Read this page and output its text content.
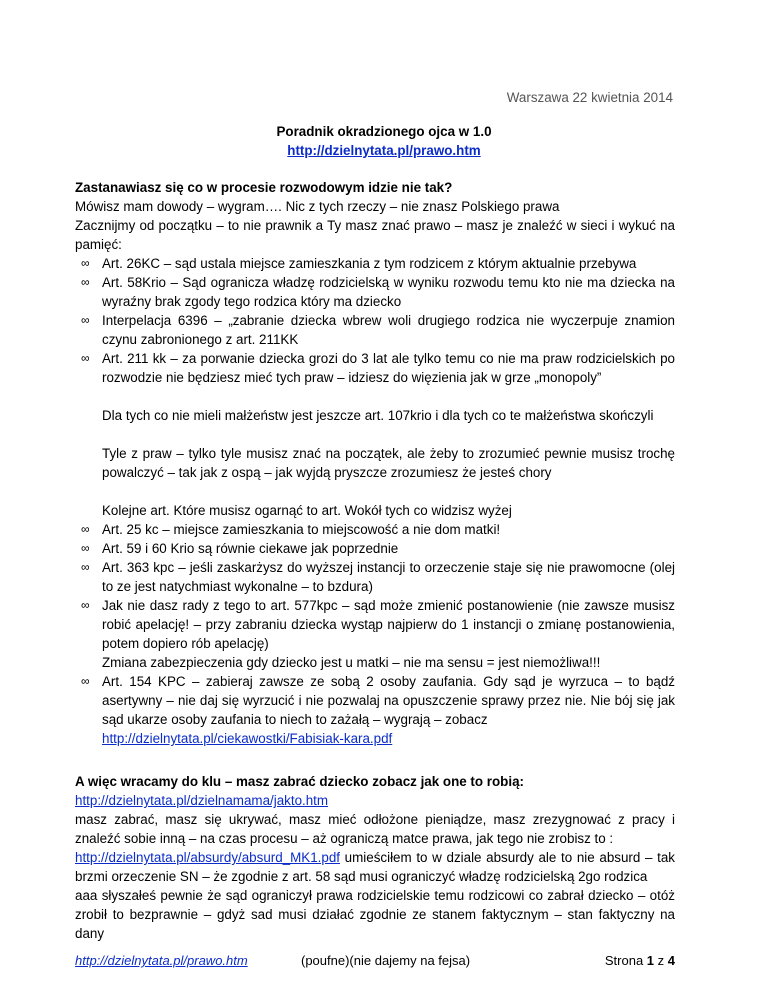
Warszawa 22 kwietnia 2014
Poradnik okradzionego ojca w 1.0
http://dzielnytata.pl/prawo.htm

Zastanawiasz się co w procesie rozwodowym idzie nie tak?

Mówisz mam dowody – wygram…. Nic z tych rzeczy – nie znasz Polskiego prawa

Zacznijmy od początku – to nie prawnik a Ty masz znać prawo – masz je znaleźć w sieci i wykuć na pamięć:

∞ Art. 26KC – sąd ustala miejsce zamieszkania z tym rodzicem z którym aktualnie przebywa
∞ Art. 58Krio – Sąd ogranicza władzę rodzicielską w wyniku rozwodu temu kto nie ma dziecka na wyraźny brak zgody tego rodzica który ma dziecko
∞ Interpelacja 6396 – „zabranie dziecka wbrew woli drugiego rodzica nie wyczerpuje znamion czynu zabronionego z art. 211KK
∞ Art. 211 kk – za porwanie dziecka grozi do 3 lat ale tylko temu co nie ma praw rodzicielskich po rozwodzie nie będziesz mieć tych praw – idziesz do więzienia jak w grze „monopoly”

Dla tych co nie mieli małżeństw jest jeszcze art. 107krio i dla tych co te małżeństwa skończyli

Tyle z praw – tylko tyle musisz znać na początek, ale żeby to zrozumieć pewnie musisz trochę powalczyć – tak jak z ospą – jak wyjdą pryszcze zrozumiesz że jesteś chory

Kolejne art. Które musisz ogarnąć to art. Wokół tych co widzisz wyżej

∞ Art. 25 kc – miejsce zamieszkania to miejscowość a nie dom matki!
∞ Art. 59 i 60 Krio są równie ciekawe jak poprzednie
∞ Art. 363 kpc – jeśli zaskarżysz do wyższej instancji to orzeczenie staje się nie prawomocne (olej to ze jest natychmiast wykonalne – to bzdura)
∞ Jak nie dasz rady z tego to art. 577kpc – sąd może zmienić postanowienie (nie zawsze musisz robić apelację! – przy zabraniu dziecka wystąp najpierw do 1 instancji o zmianę postanowienia, potem dopiero rób apelację)
Zmiana zabezpieczenia gdy dziecko jest u matki – nie ma sensu = jest niemożliwa!!!
∞ Art. 154 KPC – zabieraj zawsze ze sobą 2 osoby zaufania. Gdy sąd je wyrzuca – to bądź asertywny – nie daj się wyrzucić i nie pozwalaj na opuszczenie sprawy przez nie. Nie bój się jak sąd ukarze osoby zaufania to niech to zażałą – wygrają – zobacz
http://dzielnytata.pl/ciekawostki/Fabisiak-kara.pdf

A więc wracamy do klu – masz zabrać dziecko zobacz jak one to robią:

http://dzielnytata.pl/dzielnamama/jakto.htm

masz zabrać, masz się ukrywać, masz mieć odłożone pieniądze, masz zrezygnować z pracy i znaleźć sobie inną – na czas procesu – aż ograniczą matce prawa, jak tego nie zrobisz to :

http://dzielnytata.pl/absurdy/absurd_MK1.pdf umieściłem to w dziale absurdy ale to nie absurd – tak brzmi orzeczenie SN – że zgodnie z art. 58 sąd musi ograniczyć władzę rodzicielską 2go rodzica

aaa słyszałeś pewnie że sąd ograniczył prawa rodzicielskie temu rodzicowi co zabrał dziecko – otóż zrobił to bezprawnie – gdyż sad musi działać zgodnie ze stanem faktycznym – stan faktyczny na dany

http://dzielnytata.pl/prawo.htm	(poufne)(nie dajemy na fejsa)	Strona 1 z 4
